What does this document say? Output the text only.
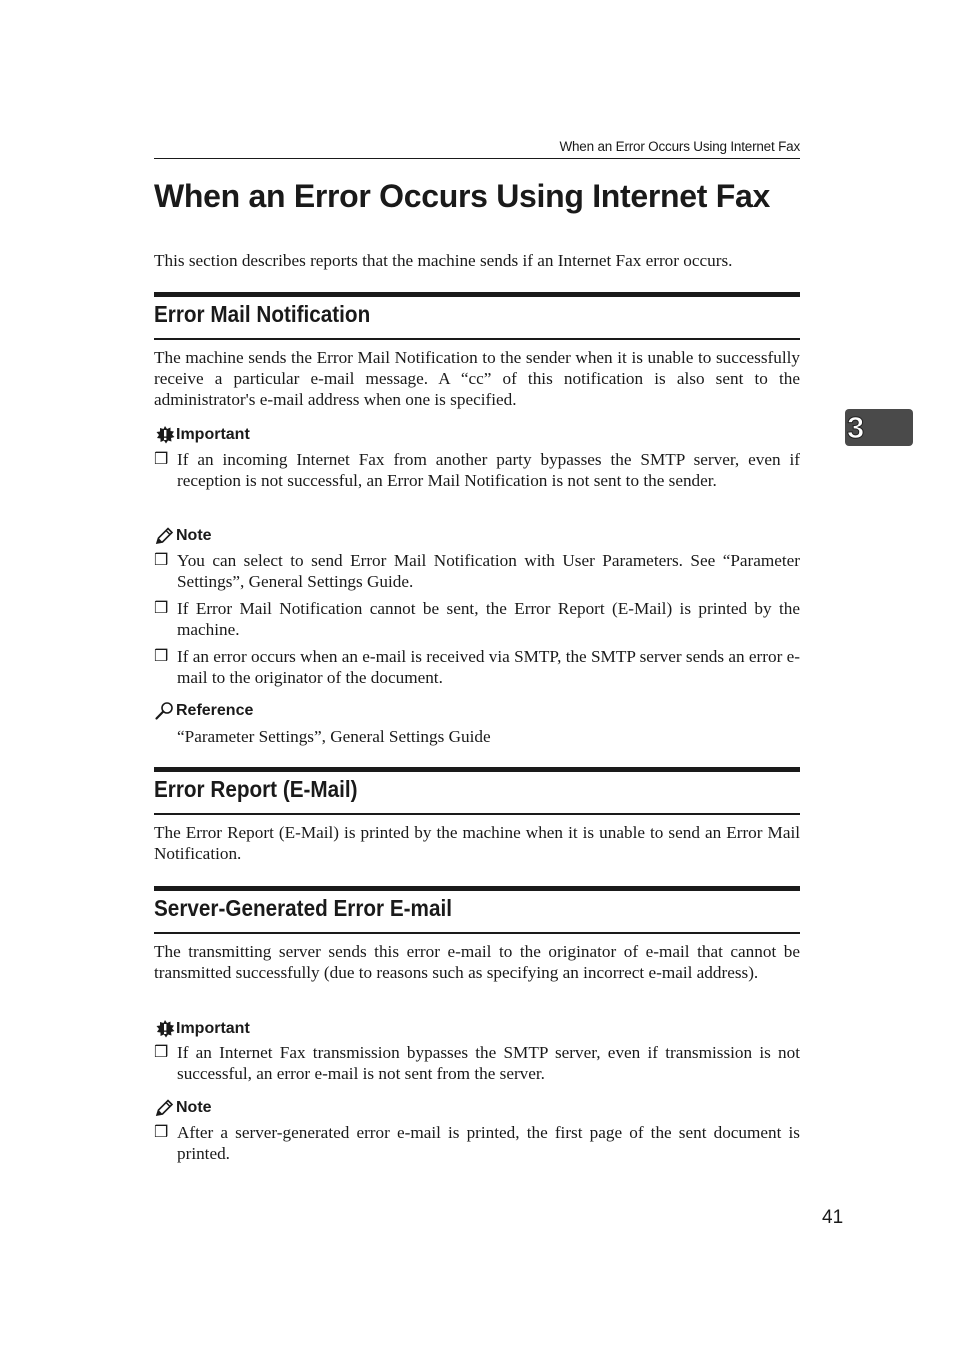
When an Error Occurs Using Internet Fax
When an Error Occurs Using Internet Fax
This section describes reports that the machine sends if an Internet Fax error occurs.
Error Mail Notification
The machine sends the Error Mail Notification to the sender when it is unable to successfully receive a particular e-mail message. A “cc” of this notification is also sent to the administrator's e-mail address when one is specified.
Important
❒ If an incoming Internet Fax from another party bypasses the SMTP server, even if reception is not successful, an Error Mail Notification is not sent to the sender.
Note
❒ You can select to send Error Mail Notification with User Parameters. See “Parameter Settings”, General Settings Guide.
❒ If Error Mail Notification cannot be sent, the Error Report (E-Mail) is printed by the machine.
❒ If an error occurs when an e-mail is received via SMTP, the SMTP server sends an error e-mail to the originator of the document.
Reference
“Parameter Settings”, General Settings Guide
Error Report (E-Mail)
The Error Report (E-Mail) is printed by the machine when it is unable to send an Error Mail Notification.
Server-Generated Error E-mail
The transmitting server sends this error e-mail to the originator of e-mail that cannot be transmitted successfully (due to reasons such as specifying an incorrect e-mail address).
Important
❒ If an Internet Fax transmission bypasses the SMTP server, even if transmission is not successful, an error e-mail is not sent from the server.
Note
❒ After a server-generated error e-mail is printed, the first page of the sent document is printed.
3
41
